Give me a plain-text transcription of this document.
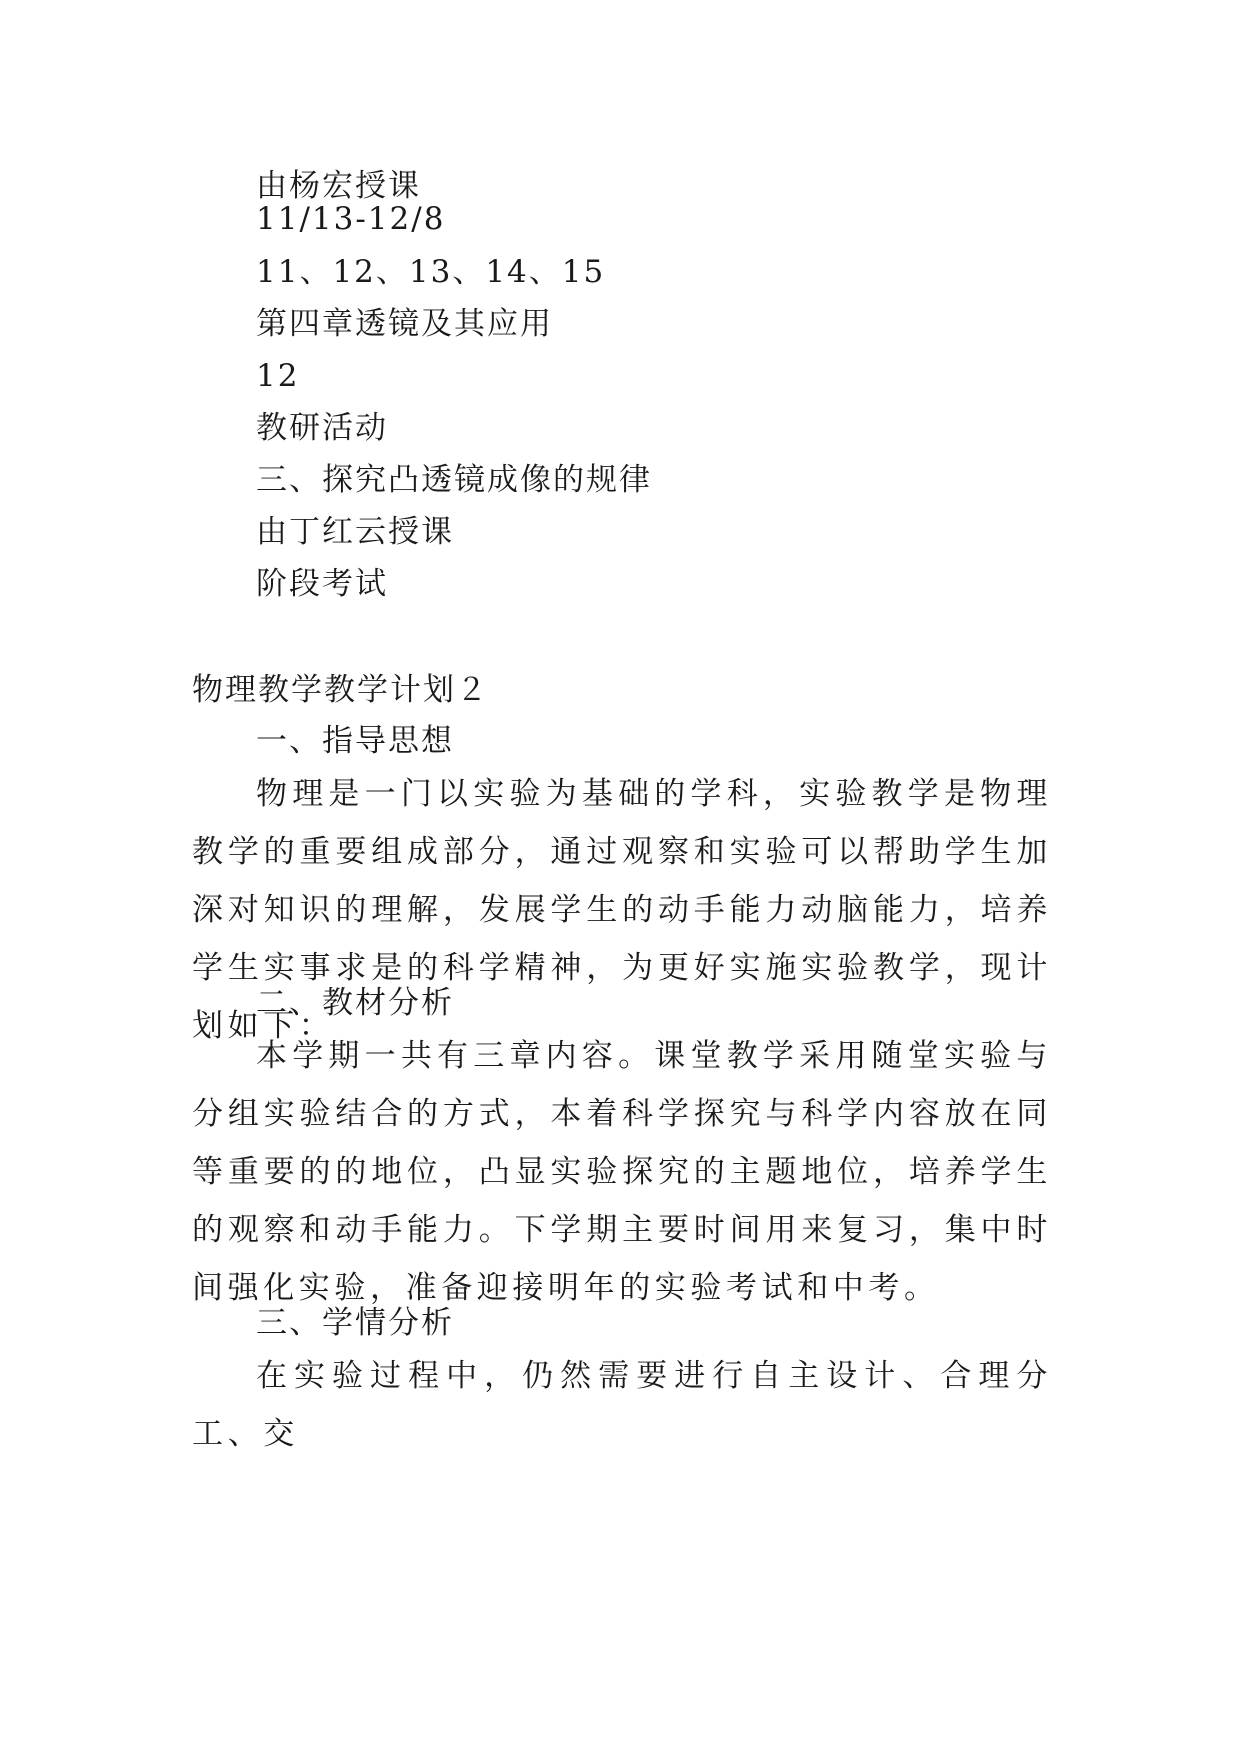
由杨宏授课
11/13-12/8
11、12、13、14、15
第四章透镜及其应用
12
教研活动
三、探究凸透镜成像的规律
由丁红云授课
阶段考试
物理教学教学计划２
一、指导思想
物理是一门以实验为基础的学科，实验教学是物理教学的重要组成部分，通过观察和实验可以帮助学生加深对知识的理解，发展学生的动手能力动脑能力，培养学生实事求是的科学精神，为更好实施实验教学，现计划如下：
二、教材分析
本学期一共有三章内容。课堂教学采用随堂实验与分组实验结合的方式，本着科学探究与科学内容放在同等重要的的地位，凸显实验探究的主题地位，培养学生的观察和动手能力。下学期主要时间用来复习，集中时间强化实验，准备迎接明年的实验考试和中考。
三、学情分析
在实验过程中，仍然需要进行自主设计、合理分工、交
